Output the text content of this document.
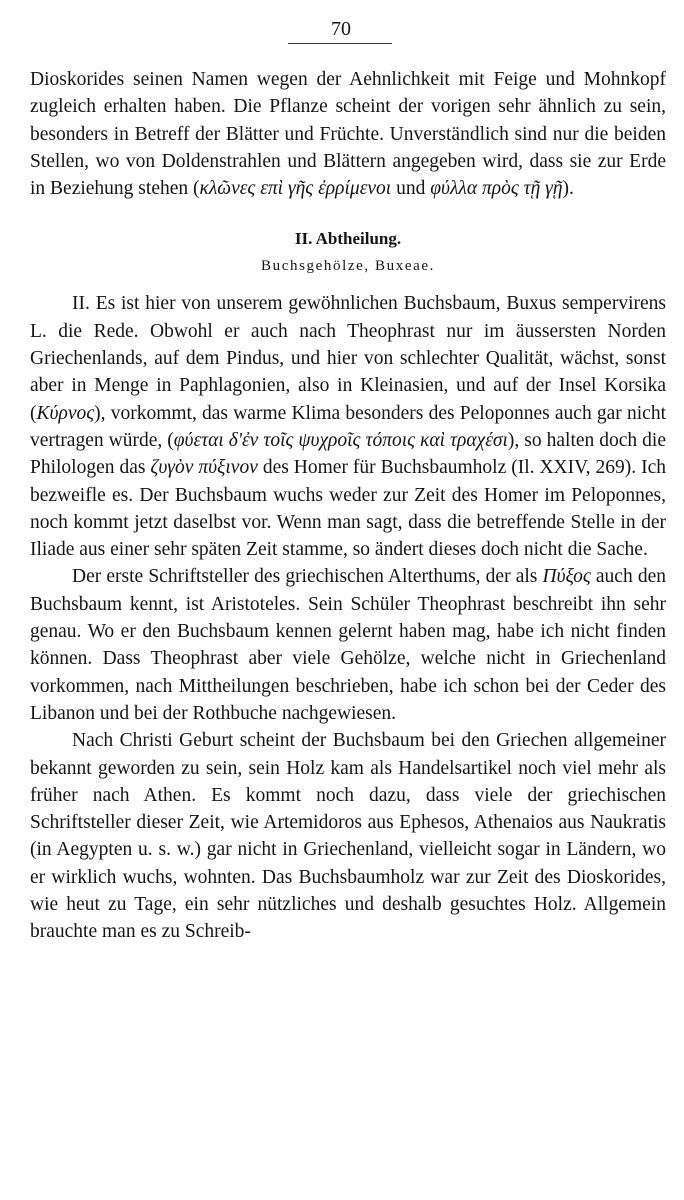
70

Dioskorides seinen Namen wegen der Aehnlichkeit mit Feige und Mohnkopf zugleich erhalten haben. Die Pflanze scheint der vorigen sehr ähnlich zu sein, besonders in Betreff der Blätter und Früchte. Unverständlich sind nur die beiden Stellen, wo von Doldenstrahlen und Blättern angegeben wird, dass sie zur Erde in Beziehung stehen (κλῶνες επὶ γῆς ἐρρίμενοι und φύλλα πρὸς τῇ γῇ).

II. Abtheilung.
Buchsgehölze, Buxeae.

II. Es ist hier von unserem gewöhnlichen Buchsbaum, Buxus sempervirens L. die Rede. Obwohl er auch nach Theophrast nur im äussersten Norden Griechenlands, auf dem Pindus, und hier von schlechter Qualität, wächst, sonst aber in Menge in Paphlagonien, also in Kleinasien, und auf der Insel Korsika (Κύρνος), vorkommt, das warme Klima besonders des Peloponnes auch gar nicht vertragen würde, (φύεται δ'ἐν τοῖς ψυχροῖς τόποις καὶ τραχέσι), so halten doch die Philologen das ζυγὸν πύξινον des Homer für Buchsbaumholz (Il. XXIV, 269). Ich bezweifle es. Der Buchsbaum wuchs weder zur Zeit des Homer im Peloponnes, noch kommt jetzt daselbst vor. Wenn man sagt, dass die betreffende Stelle in der Iliade aus einer sehr späten Zeit stamme, so ändert dieses doch nicht die Sache.

Der erste Schriftsteller des griechischen Alterthums, der als Πύξος auch den Buchsbaum kennt, ist Aristoteles. Sein Schüler Theophrast beschreibt ihn sehr genau. Wo er den Buchsbaum kennen gelernt haben mag, habe ich nicht finden können. Dass Theophrast aber viele Gehölze, welche nicht in Griechenland vorkommen, nach Mittheilungen beschrieben, habe ich schon bei der Ceder des Libanon und bei der Rothbuche nachgewiesen.

Nach Christi Geburt scheint der Buchsbaum bei den Griechen allgemeiner bekannt geworden zu sein, sein Holz kam als Handelsartikel noch viel mehr als früher nach Athen. Es kommt noch dazu, dass viele der griechischen Schriftsteller dieser Zeit, wie Artemidoros aus Ephesos, Athenaios aus Naukratis (in Aegypten u. s. w.) gar nicht in Griechenland, vielleicht sogar in Ländern, wo er wirklich wuchs, wohnten. Das Buchsbaumholz war zur Zeit des Dioskorides, wie heut zu Tage, ein sehr nützliches und deshalb gesuchtes Holz. Allgemein brauchte man es zu Schreib-
